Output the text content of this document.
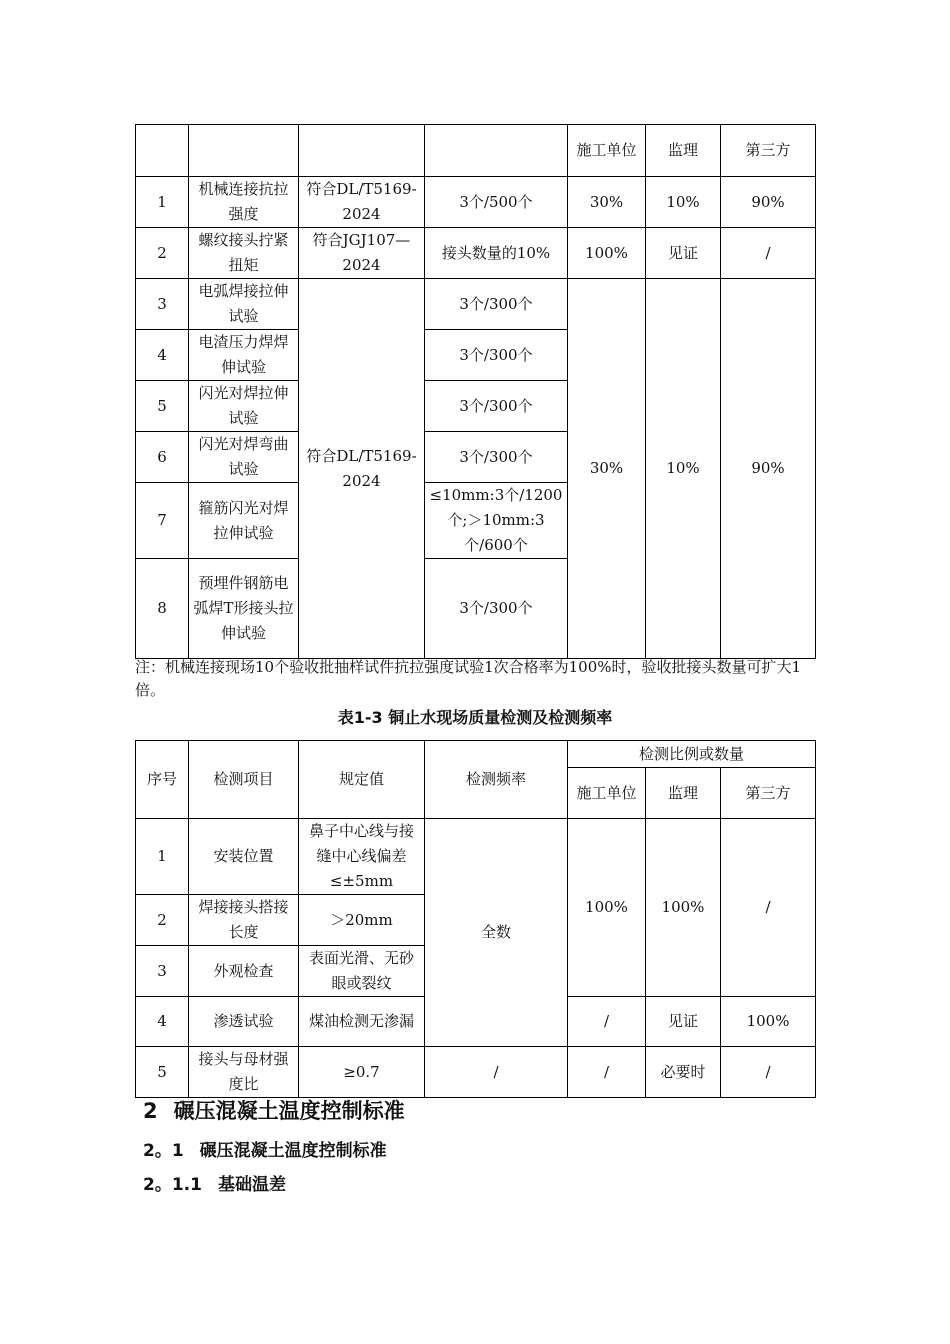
				施工单位	监理	第三方
1	机械连接抗拉强度	符合DL/T5169-2024	3个/500个	30%	10%	90%
2	螺纹接头拧紧扭矩	符合JGJ107—2024	接头数量的10%	100%	见证	/
3	电弧焊接拉伸试验	符合DL/T5169-2024	3个/300个	30%	10%	90%
4	电渣压力焊焊伸试验		3个/300个			
5	闪光对焊拉伸试验		3个/300个			
6	闪光对焊弯曲试验		3个/300个			
7	箍筋闪光对焊拉伸试验		≤10mm:3个/1200个;＞10mm:3个/600个			
8	预埋件钢筋电弧焊T形接头拉伸试验		3个/300个			
注：机械连接现场10个验收批抽样试件抗拉强度试验1次合格率为100%时，验收批接头数量可扩大1倍。
表1-3 铜止水现场质量检测及检测频率
序号	检测项目	规定值	检测频率	检测比例或数量		
				施工单位	监理	第三方
1	安装位置	鼻子中心线与接缝中心线偏差≤±5mm	全数	100%	100%	/
2	焊接接头搭接长度	＞20mm				
3	外观检查	表面光滑、无砂眼或裂纹				
4	渗透试验	煤油检测无渗漏		/	见证	100%
5	接头与母材强度比	≥0.7	/	/	必要时	/
2 碾压混凝土温度控制标准
2。1 碾压混凝土温度控制标准
2。1.1 基础温差
